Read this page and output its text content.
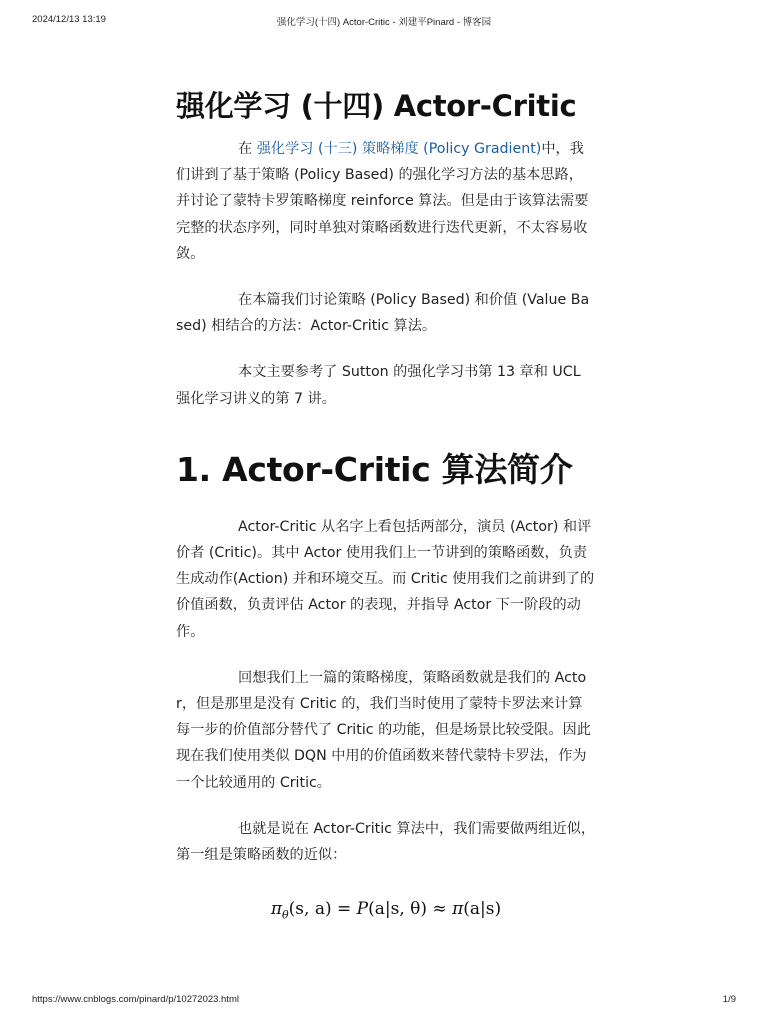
2024/12/13 13:19	强化学习(十四) Actor-Critic - 刘建平Pinard - 博客园
强化学习 (十四) Actor-Critic

在 强化学习 (十三) 策略梯度 (Policy Gradient)中，我们讲到了基于策略 (Policy Based) 的强化学习方法的基本思路，并讨论了蒙特卡罗策略梯度 reinforce 算法。但是由于该算法需要完整的状态序列，同时单独对策略函数进行迭代更新，不太容易收敛。

在本篇我们讨论策略 (Policy Based) 和价值 (Value Based) 相结合的方法：Actor-Critic 算法。

本文主要参考了 Sutton 的强化学习书第 13 章和 UCL 强化学习讲义的第 7 讲。

1. Actor-Critic 算法简介

Actor-Critic 从名字上看包括两部分，演员 (Actor) 和评价者 (Critic)。其中 Actor 使用我们上一节讲到的策略函数，负责生成动作(Action) 并和环境交互。而 Critic 使用我们之前讲到了的价值函数，负责评估 Actor 的表现，并指导 Actor 下一阶段的动作。

回想我们上一篇的策略梯度，策略函数就是我们的 Actor，但是那里是没有 Critic 的，我们当时使用了蒙特卡罗法来计算每一步的价值部分替代了 Critic 的功能，但是场景比较受限。因此现在我们使用类似 DQN 中用的价值函数来替代蒙特卡罗法，作为一个比较通用的 Critic。

也就是说在 Actor-Critic 算法中，我们需要做两组近似，第一组是策略函数的近似：

$\pi_\theta(s$, a) = P(a|s, θ) ≈ π(a|s)
https://www.cnblogs.com/pinard/p/10272023.html	1/9
